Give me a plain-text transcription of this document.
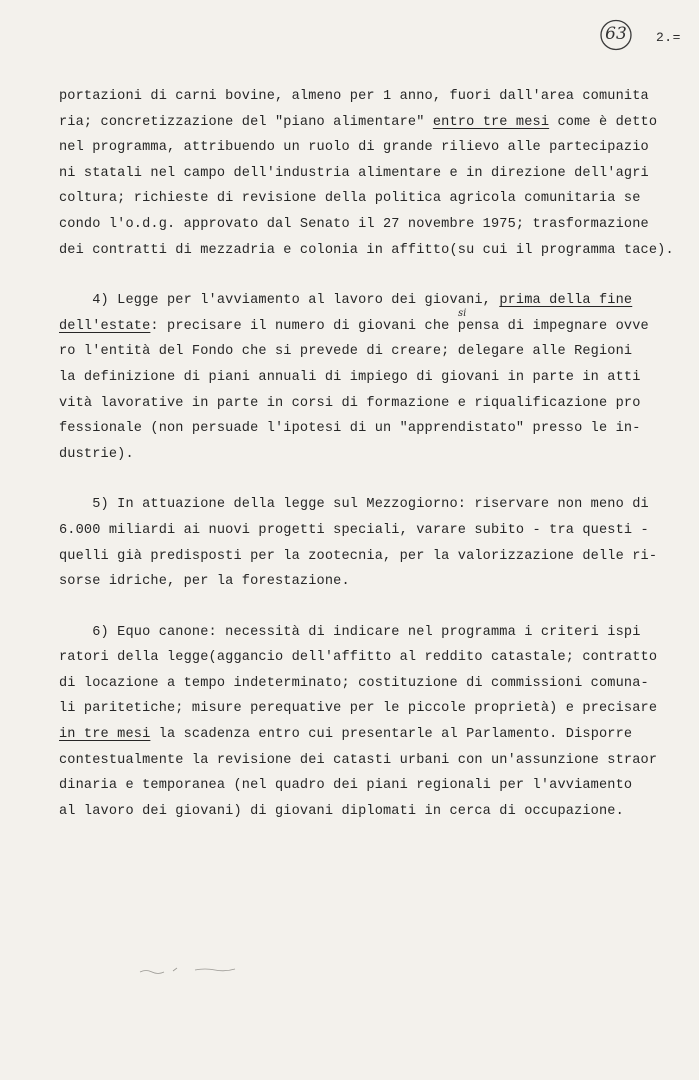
63	2.=
si
portazioni di carni bovine, almeno per 1 anno, fuori dall'area comunita
ria; concretizzazione del "piano alimentare" entro tre mesi come è detto
nel programma, attribuendo un ruolo di grande rilievo alle partecipazio
ni statali nel campo dell'industria alimentare e in direzione dell'agri
coltura; richieste di revisione della politica agricola comunitaria se
condo l'o.d.g. approvato dal Senato il 27 novembre 1975; trasformazione
dei contratti di mezzadria e colonia in affitto(su cui il programma tace).
4) Legge per l'avviamento al lavoro dei giovani, prima della fine
dell'estate: precisare il numero di giovani che pensa di impegnare ovve
ro l'entità del Fondo che si prevede di creare; delegare alle Regioni
la definizione di piani annuali di impiego di giovani in parte in atti
vità lavorative in parte in corsi di formazione e riqualificazione pro
fessionale (non persuade l'ipotesi di un "apprendistato" presso le in-
dustrie).
5) In attuazione della legge sul Mezzogiorno: riservare non meno di
6.000 miliardi ai nuovi progetti speciali, varare subito - tra questi -
quelli già predisposti per la zootecnia, per la valorizzazione delle ri-
sorse idriche, per la forestazione.
6) Equo canone: necessità di indicare nel programma i criteri ispi
ratori della legge(aggancio dell'affitto al reddito catastale; contratto
di locazione a tempo indeterminato; costituzione di commissioni comuna-
li paritetiche; misure perequative per le piccole proprietà) e precisare
in tre mesi la scadenza entro cui presentarle al Parlamento. Disporre
contestualmente la revisione dei catasti urbani con un'assunzione straor
dinaria e temporanea (nel quadro dei piani regionali per l'avviamento
al lavoro dei giovani) di giovani diplomati in cerca di occupazione.
